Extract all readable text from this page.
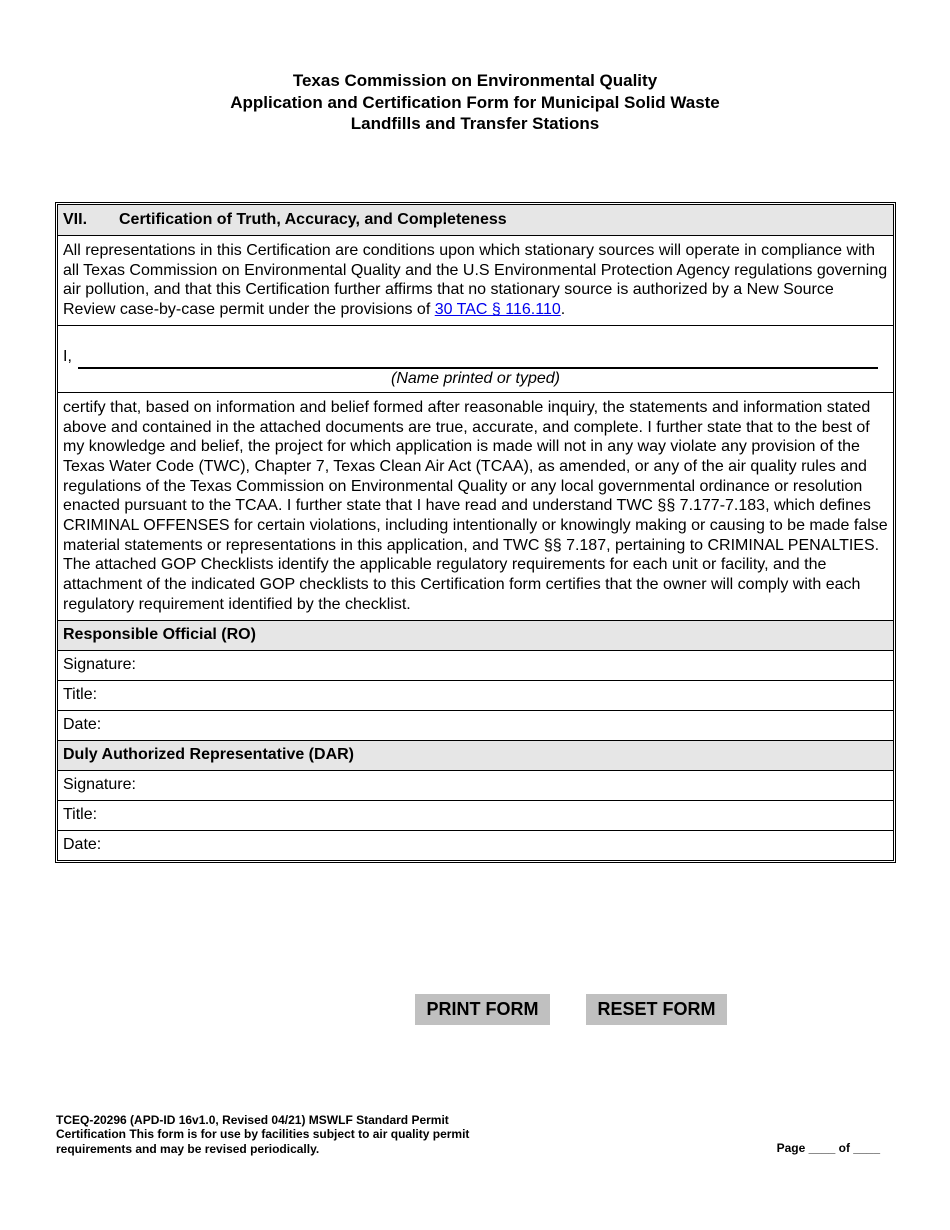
Texas Commission on Environmental Quality
Application and Certification Form for Municipal Solid Waste
Landfills and Transfer Stations
VII. Certification of Truth, Accuracy, and Completeness
All representations in this Certification are conditions upon which stationary sources will operate in compliance with all Texas Commission on Environmental Quality and the U.S Environmental Protection Agency regulations governing air pollution, and that this Certification further affirms that no stationary source is authorized by a New Source Review case-by-case permit under the provisions of 30 TAC § 116.110.

I,
(Name printed or typed)

certify that, based on information and belief formed after reasonable inquiry, the statements and information stated above and contained in the attached documents are true, accurate, and complete. I further state that to the best of my knowledge and belief, the project for which application is made will not in any way violate any provision of the Texas Water Code (TWC), Chapter 7, Texas Clean Air Act (TCAA), as amended, or any of the air quality rules and regulations of the Texas Commission on Environmental Quality or any local governmental ordinance or resolution enacted pursuant to the TCAA. I further state that I have read and understand TWC §§ 7.177-7.183, which defines CRIMINAL OFFENSES for certain violations, including intentionally or knowingly making or causing to be made false material statements or representations in this application, and TWC §§ 7.187, pertaining to CRIMINAL PENALTIES. The attached GOP Checklists identify the applicable regulatory requirements for each unit or facility, and the attachment of the indicated GOP checklists to this Certification form certifies that the owner will comply with each regulatory requirement identified by the checklist.
Responsible Official (RO)
Signature:
Title:
Date:
Duly Authorized Representative (DAR)
Signature:
Title:
Date:
PRINT FORM	RESET FORM
TCEQ-20296 (APD-ID 16v1.0, Revised 04/21) MSWLF Standard Permit
Certification This form is for use by facilities subject to air quality permit
requirements and may be revised periodically.	Page ____ of ____
